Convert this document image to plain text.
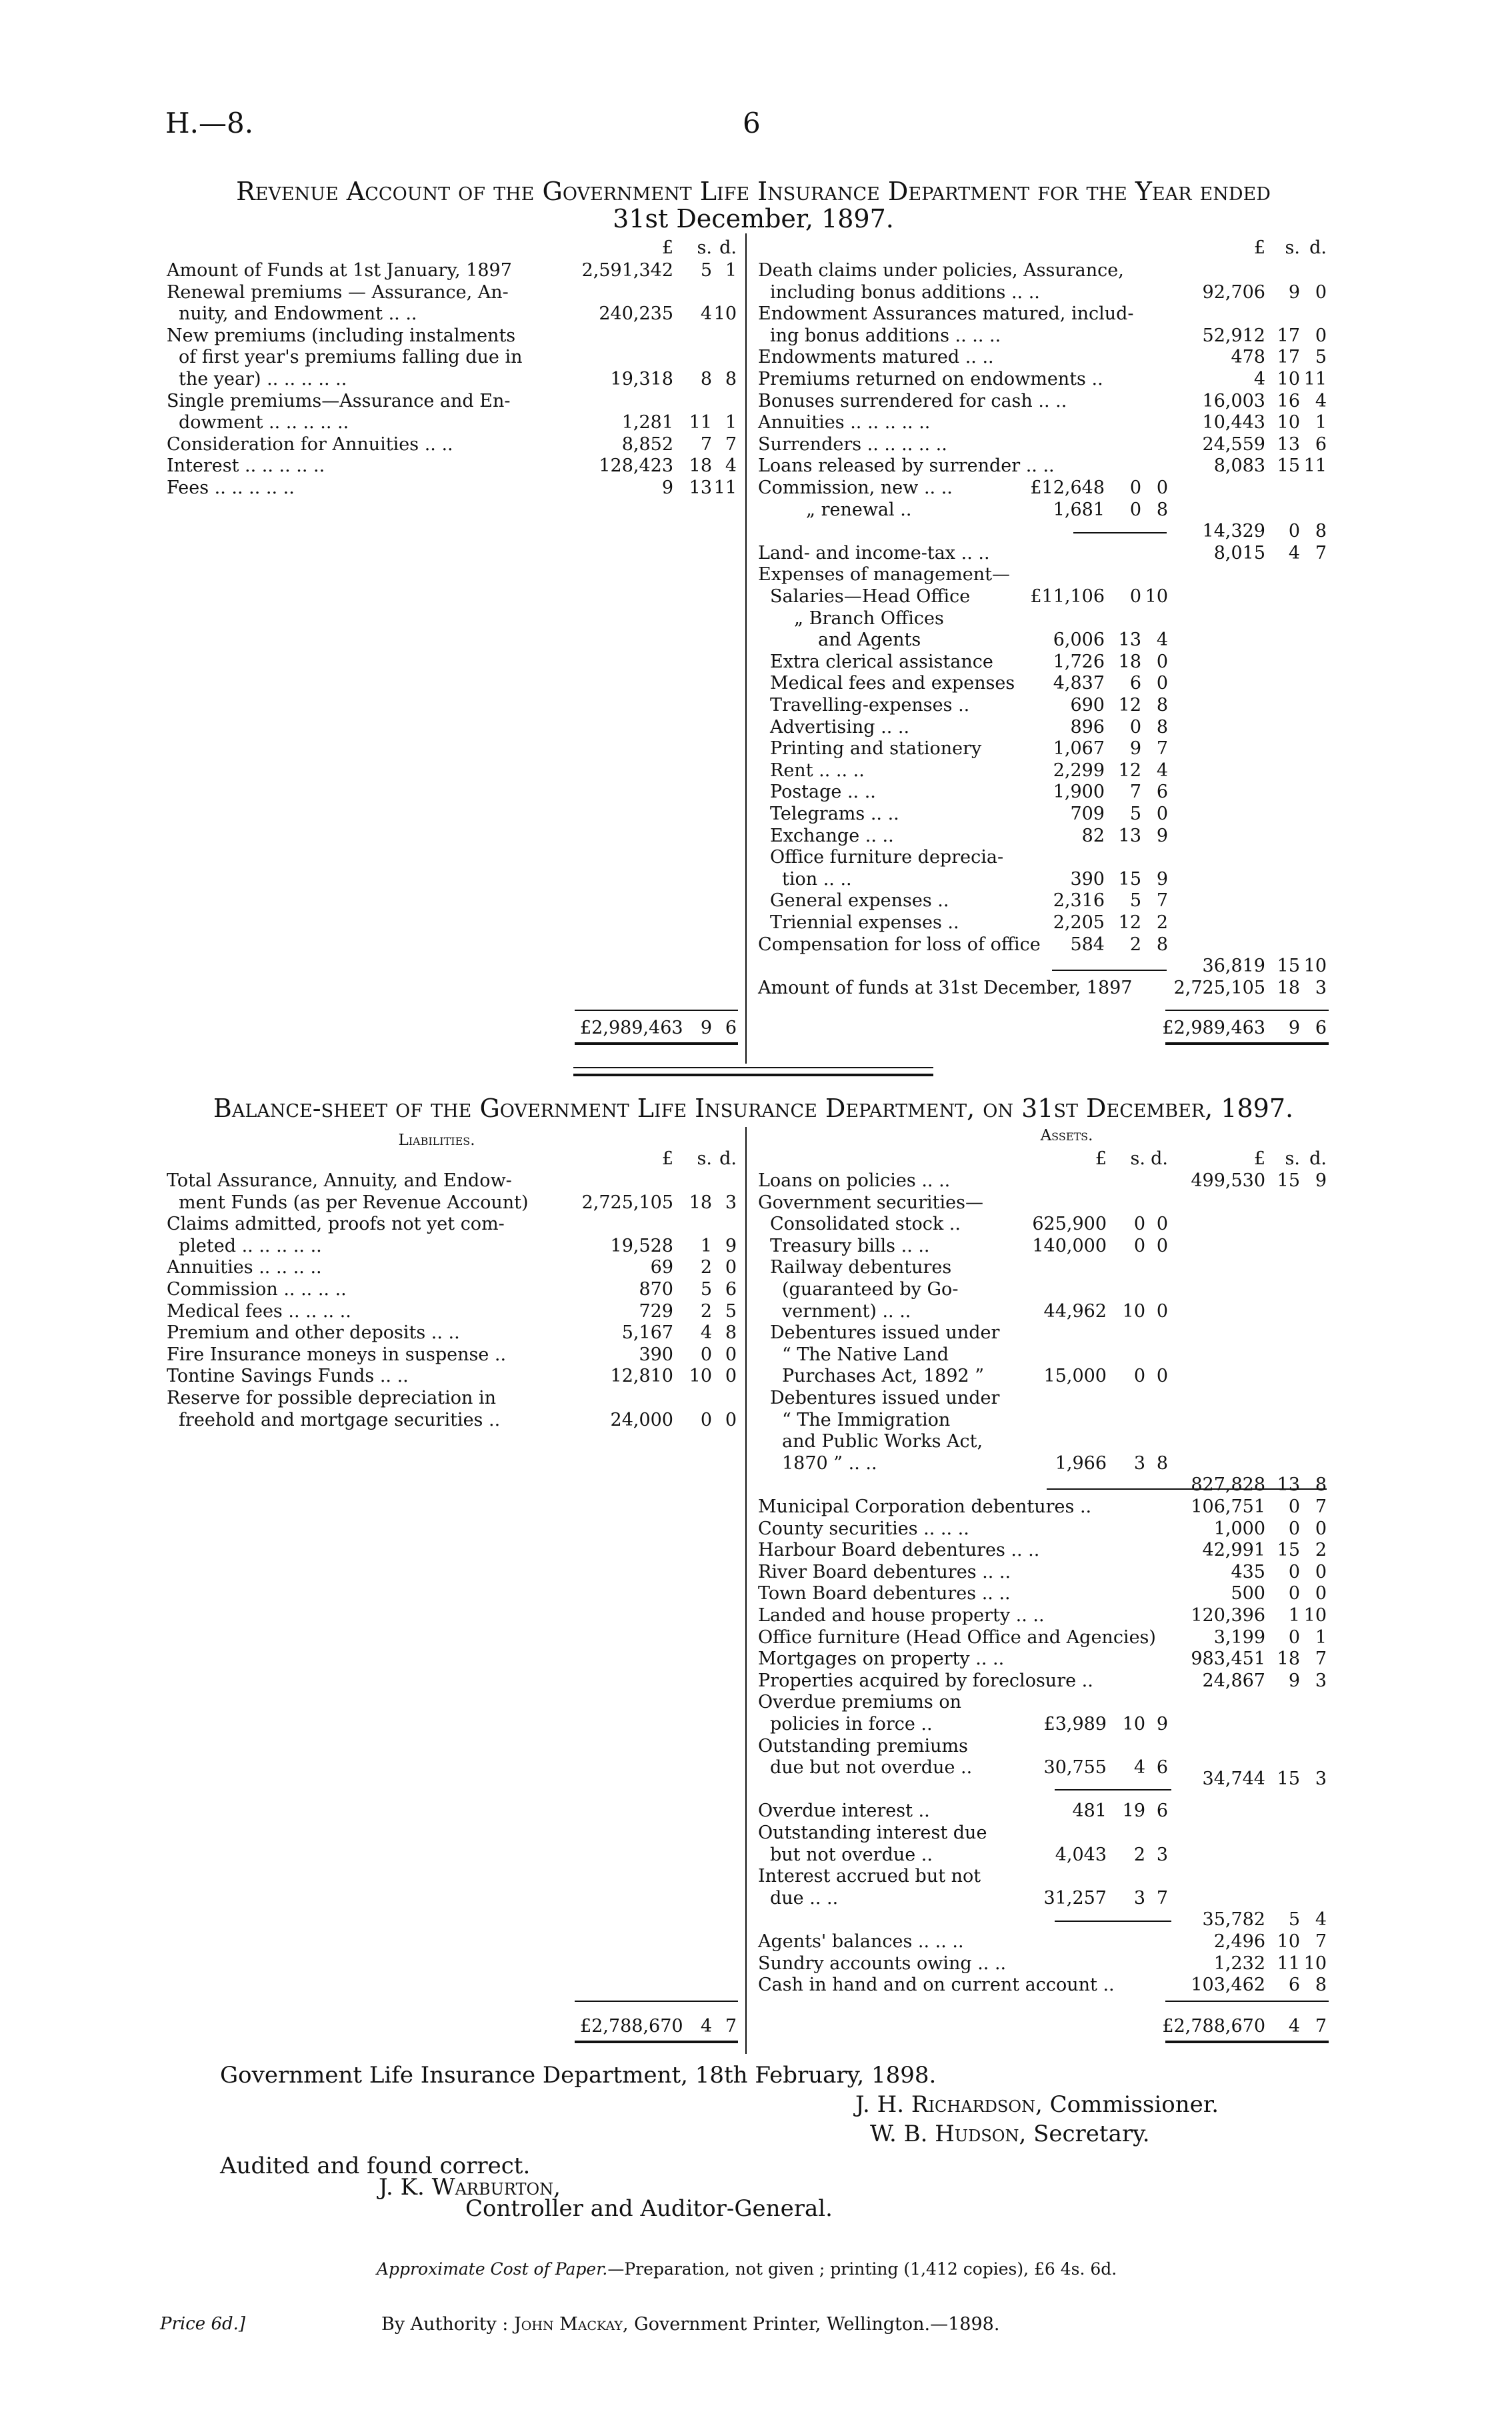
H.—8.	6
Revenue Account of the Government Life Insurance Department for the Year ended
31st December, 1897.
£	s. d.
Amount of Funds at 1st January, 1897	2,591,342	5 1
Renewal premiums — Assurance, An-
nuity, and Endowment .. ..	240,235	4 10
New premiums (including instalments
of first year's premiums falling due in
the year) .. .. .. .. ..	19,318	8 8
Single premiums—Assurance and En-
dowment .. .. .. .. ..	1,281 11 1
Consideration for Annuities .. ..	8,852	7 7
Interest .. .. .. .. ..	128,423 18 4
Fees .. .. .. .. ..	9 13 11
£2,989,463 9 6
£	s. d.
Death claims under policies, Assurance,
including bonus additions .. ..	92,706	9 0
Endowment Assurances matured, includ-
ing bonus additions .. .. ..	52,912 17 0
Endowments matured .. ..	478 17 5
Premiums returned on endowments ..	4 10 11
Bonuses surrendered for cash .. ..	16,003 16 4
Annuities .. .. .. .. ..	10,443 10 1
Surrenders .. .. .. .. ..	24,559 13 6
Loans released by surrender .. ..	8,083 15 11
Commission, new .. ..	£12,648	0 0
„ renewal ..	1,681	0 8
14,329	0 8
Land- and income-tax .. ..	8,015	4 7
Expenses of management—
Salaries—Head Office	£11,106	0 10
„ Branch Offices
and Agents	6,006 13 4
Extra clerical assistance	1,726 18 0
Medical fees and expenses	4,837	6 0
Travelling-expenses ..	690 12 8
Advertising .. ..	896	0 8
Printing and stationery	1,067	9 7
Rent .. .. ..	2,299 12 4
Postage .. ..	1,900	7 6
Telegrams .. ..	709	5 0
Exchange .. ..	82 13 9
Office furniture deprecia-
tion .. ..	390 15 9
General expenses ..	2,316	5 7
Triennial expenses ..	2,205 12 2
Compensation for loss of office	584	2 8
36,819 15 10
Amount of funds at 31st December, 1897	2,725,105 18 3
£2,989,463	9 6
Balance-sheet of the Government Life Insurance Department, on 31st December, 1897.
Liabilities.	Assets.
£	s. d.
Total Assurance, Annuity, and Endow-
ment Funds (as per Revenue Account)	2,725,105 18 3
Claims admitted, proofs not yet com-
pleted .. .. .. .. ..	19,528	1 9
Annuities .. .. .. ..	69	2 0
Commission .. .. .. ..	870	5 6
Medical fees .. .. .. ..	729	2 5
Premium and other deposits .. ..	5,167	4 8
Fire Insurance moneys in suspense ..	390	0 0
Tontine Savings Funds .. ..	12,810 10 0
Reserve for possible depreciation in
freehold and mortgage securities ..	24,000	0 0
£2,788,670 4 7
£	s. d.	£	s. d.
Loans on policies .. ..	499,530 15 9
Government securities—
Consolidated stock ..	625,900	0 0
Treasury bills .. ..	140,000	0 0
Railway debentures
(guaranteed by Go-
vernment) .. ..	44,962 10 0
Debentures issued under
“ The Native Land
Purchases Act, 1892 ”	15,000	0 0
Debentures issued under
“ The Immigration
and Public Works Act,
1870 ” .. ..	1,966	3 8
827,828 13 8
Municipal Corporation debentures ..	106,751	0 7
County securities .. .. ..	1,000	0 0
Harbour Board debentures .. ..	42,991 15 2
River Board debentures .. ..	435	0 0
Town Board debentures .. ..	500	0 0
Landed and house property .. ..	120,396	1 10
Office furniture (Head Office and Agencies)	3,199	0 1
Mortgages on property .. ..	983,451 18 7
Properties acquired by foreclosure ..	24,867	9 3
Overdue premiums on
policies in force ..	£3,989 10 9
Outstanding premiums
due but not overdue ..	30,755	4 6
34,744 15 3
Overdue interest ..	481 19 6
Outstanding interest due
but not overdue ..	4,043	2 3
Interest accrued but not
due .. ..	31,257	3 7
35,782	5 4
Agents' balances .. .. ..	2,496 10 7
Sundry accounts owing .. ..	1,232 11 10
Cash in hand and on current account ..	103,462	6 8
£2,788,670	4 7
Government Life Insurance Department, 18th February, 1898.
J. H. Richardson, Commissioner.
W. B. Hudson, Secretary.
Audited and found correct.
J. K. Warburton,
Controller and Auditor-General.
Approximate Cost of Paper.—Preparation, not given ; printing (1,412 copies), £6 4s. 6d.
Price 6d.]	By Authority : John Mackay, Government Printer, Wellington.—1898.
